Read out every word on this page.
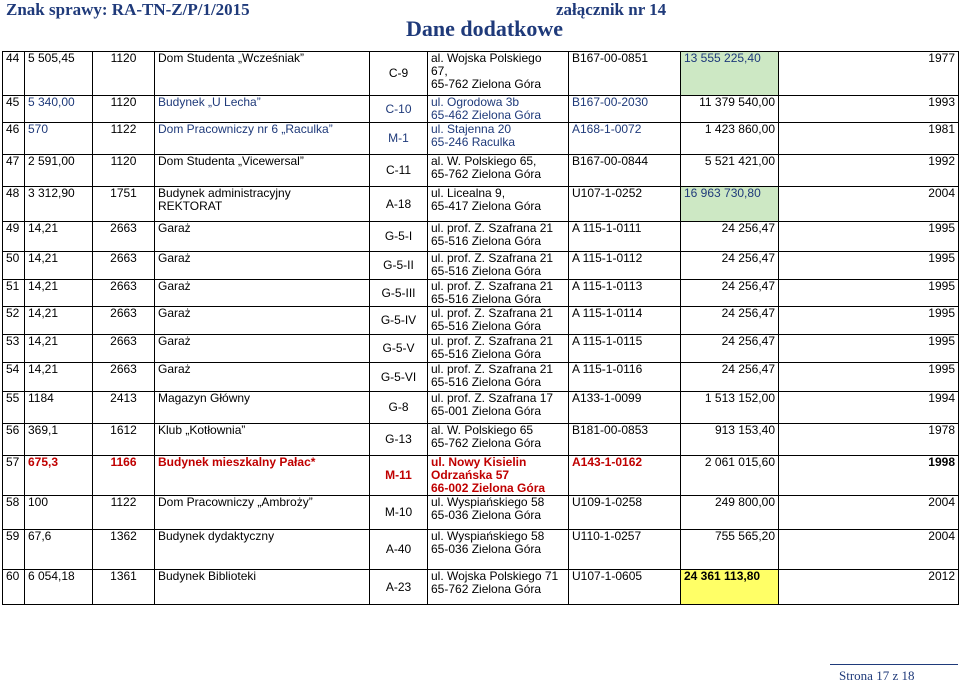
Znak sprawy: RA-TN-Z/P/1/2015	załącznik nr 14
Dane dodatkowe
44	5 505,45	1120	Dom Studenta „Wcześniak”	C-9	al. Wojska Polskiego
67,
65-762 Zielona Góra	B167-00-0851	13 555 225,40	1977
45	5 340,00	1120	Budynek „U Lecha”	C-10	ul. Ogrodowa 3b
65-462 Zielona Góra	B167-00-2030	11 379 540,00	1993
46	570	1122	Dom Pracowniczy nr 6 „Raculka”	M-1	ul. Stajenna 20
65-246 Raculka	A168-1-0072	1 423 860,00	1981
47	2 591,00	1120	Dom Studenta „Vicewersal”	C-11	al. W. Polskiego 65,
65-762 Zielona Góra	B167-00-0844	5 521 421,00	1992
48	3 312,90	1751	Budynek administracyjny
REKTORAT	A-18	ul. Licealna 9,
65-417 Zielona Góra	U107-1-0252	16 963 730,80	2004
49	14,21	2663	Garaż	G-5-I	ul. prof. Z. Szafrana 21
65-516 Zielona Góra	A 115-1-0111	24 256,47	1995
50	14,21	2663	Garaż	G-5-II	ul. prof. Z. Szafrana 21
65-516 Zielona Góra	A 115-1-0112	24 256,47	1995
51	14,21	2663	Garaż	G-5-III	ul. prof. Z. Szafrana 21
65-516 Zielona Góra	A 115-1-0113	24 256,47	1995
52	14,21	2663	Garaż	G-5-IV	ul. prof. Z. Szafrana 21
65-516 Zielona Góra	A 115-1-0114	24 256,47	1995
53	14,21	2663	Garaż	G-5-V	ul. prof. Z. Szafrana 21
65-516 Zielona Góra	A 115-1-0115	24 256,47	1995
54	14,21	2663	Garaż	G-5-VI	ul. prof. Z. Szafrana 21
65-516 Zielona Góra	A 115-1-0116	24 256,47	1995
55	1184	2413	Magazyn Główny	G-8	ul. prof. Z. Szafrana 17
65-001 Zielona Góra	A133-1-0099	1 513 152,00	1994
56	369,1	1612	Klub „Kotłownia”	G-13	al. W. Polskiego 65
65-762 Zielona Góra	B181-00-0853	913 153,40	1978
57	675,3	1166	Budynek mieszkalny Pałac*	M-11	ul. Nowy Kisielin
Odrzańska 57
66-002 Zielona Góra	A143-1-0162	2 061 015,60	1998
58	100	1122	Dom Pracowniczy „Ambroży”	M-10	ul. Wyspiańskiego 58
65-036 Zielona Góra	U109-1-0258	249 800,00	2004
59	67,6	1362	Budynek dydaktyczny	A-40	ul. Wyspiańskiego 58
65-036 Zielona Góra	U110-1-0257	755 565,20	2004
60	6 054,18	1361	Budynek Biblioteki	A-23	ul. Wojska Polskiego 71
65-762 Zielona Góra	U107-1-0605	24 361 113,80	2012
Strona 17 z 18
